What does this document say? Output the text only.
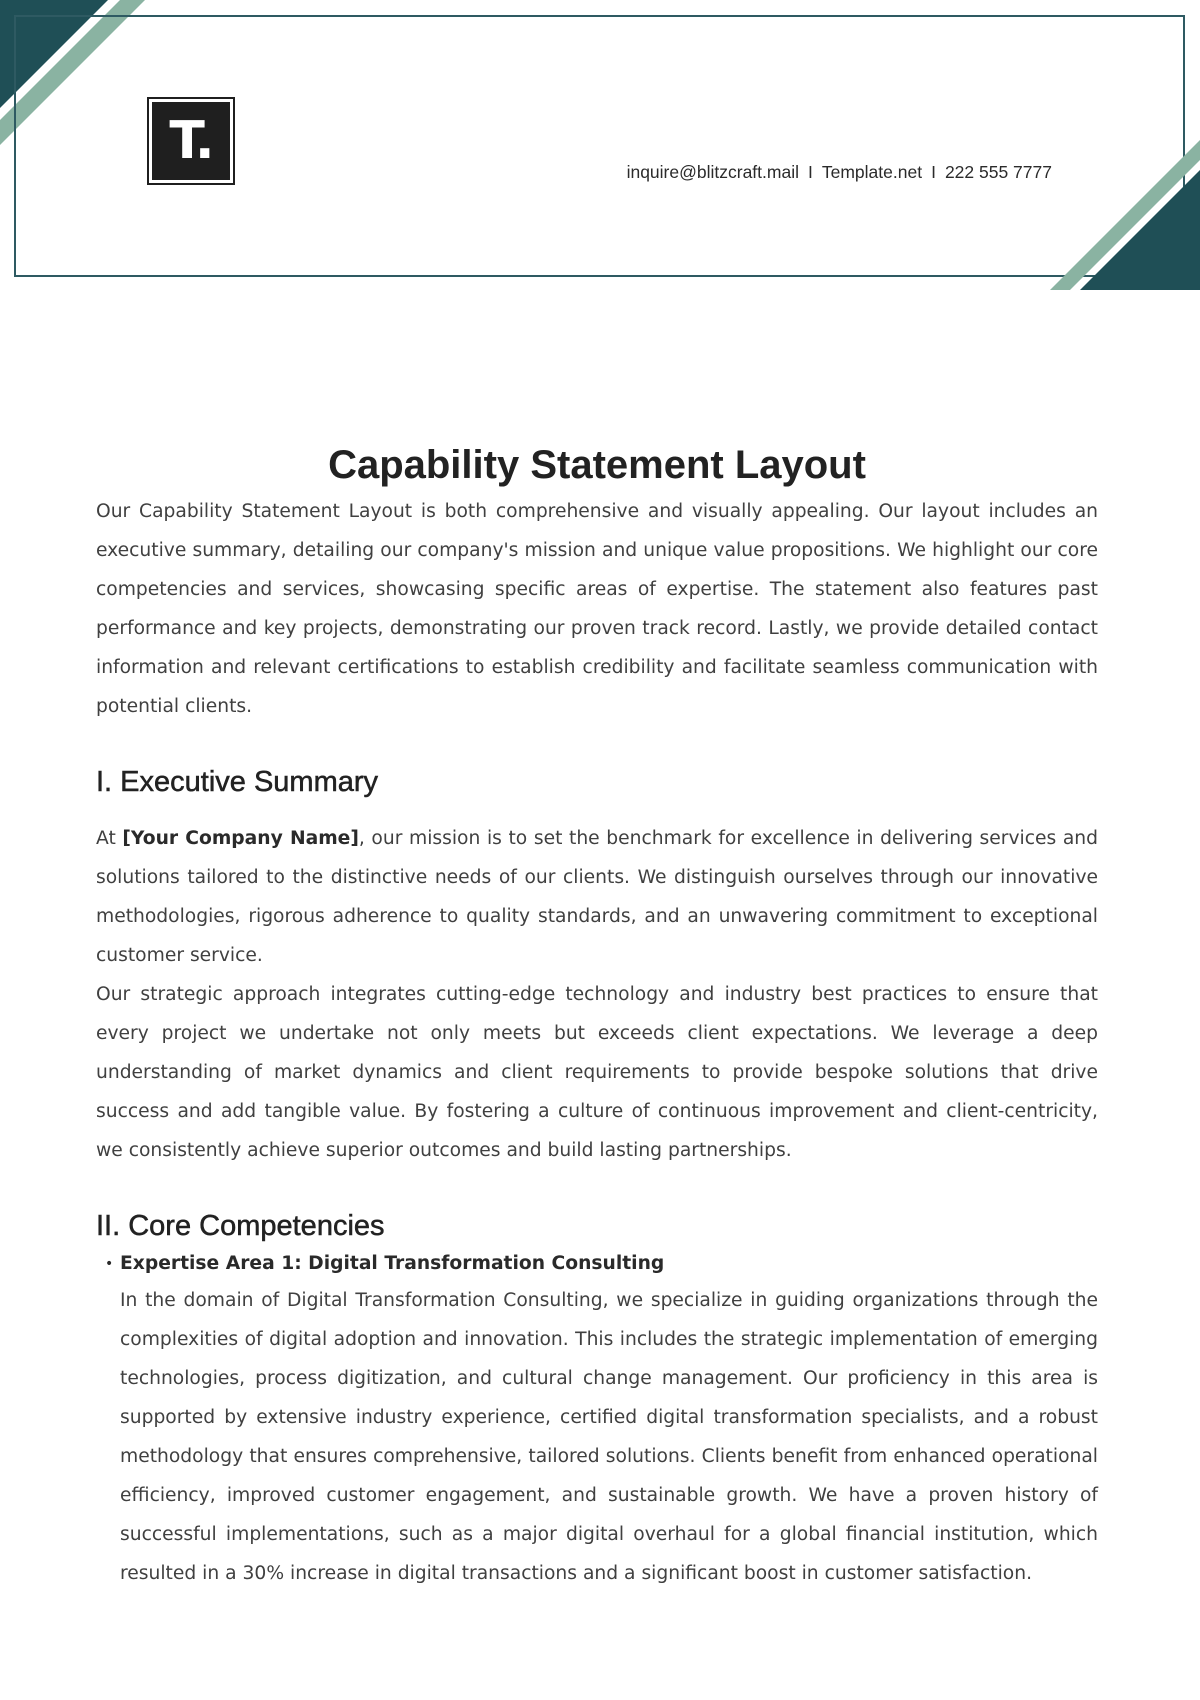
T.
inquire@blitzcraft.mail I Template.net I 222 555 7777
Capability Statement Layout

Our Capability Statement Layout is both comprehensive and visually appealing. Our layout includes an executive summary, detailing our company's mission and unique value propositions. We highlight our core competencies and services, showcasing specific areas of expertise. The statement also features past performance and key projects, demonstrating our proven track record. Lastly, we provide detailed contact information and relevant certifications to establish credibility and facilitate seamless communication with potential clients.

I. Executive Summary

At [Your Company Name], our mission is to set the benchmark for excellence in delivering services and solutions tailored to the distinctive needs of our clients. We distinguish ourselves through our innovative methodologies, rigorous adherence to quality standards, and an unwavering commitment to exceptional customer service.

Our strategic approach integrates cutting-edge technology and industry best practices to ensure that every project we undertake not only meets but exceeds client expectations. We leverage a deep understanding of market dynamics and client requirements to provide bespoke solutions that drive success and add tangible value. By fostering a culture of continuous improvement and client-centricity, we consistently achieve superior outcomes and build lasting partnerships.

II. Core Competencies
• Expertise Area 1: Digital Transformation Consulting

In the domain of Digital Transformation Consulting, we specialize in guiding organizations through the complexities of digital adoption and innovation. This includes the strategic implementation of emerging technologies, process digitization, and cultural change management. Our proficiency in this area is supported by extensive industry experience, certified digital transformation specialists, and a robust methodology that ensures comprehensive, tailored solutions. Clients benefit from enhanced operational efficiency, improved customer engagement, and sustainable growth. We have a proven history of successful implementations, such as a major digital overhaul for a global financial institution, which resulted in a 30% increase in digital transactions and a significant boost in customer satisfaction.
